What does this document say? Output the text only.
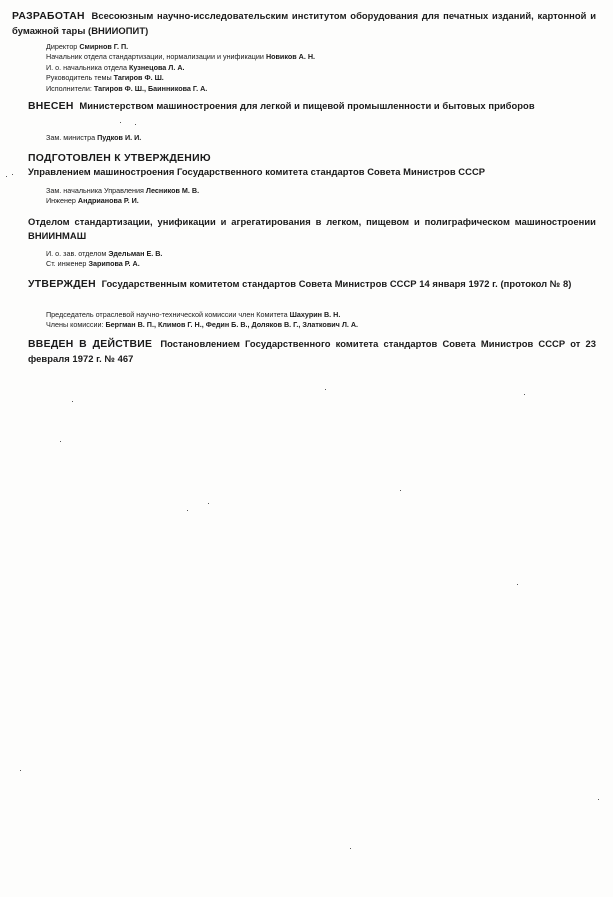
РАЗРАБОТАН Всесоюзным научно-исследовательским институтом оборудования для печатных изданий, картонной и бумажной тары (ВНИИОПИТ)
Директор Смирнов Г. П.
Начальник отдела стандартизации, нормализации и унификации Новиков А. Н.
И. о. начальника отдела Кузнецова Л. А.
Руководитель темы Тагиров Ф. Ш.
Исполнители: Тагиров Ф. Ш., Баинникова Г. А.
ВНЕСЕН Министерством машиностроения для легкой и пищевой промышленности и бытовых приборов
Зам. министра Пудков И. И.
ПОДГОТОВЛЕН К УТВЕРЖДЕНИЮ
Управлением машиностроения Государственного комитета стандартов Совета Министров СССР
Зам. начальника Управления Лесников М. В.
Инженер Андрианова Р. И.
Отделом стандартизации, унификации и агрегатирования в легком, пищевом и полиграфическом машиностроении ВНИИНМАШ
И. о. зав. отделом Эдельман Е. В.
Ст. инженер Зарипова Р. А.
УТВЕРЖДЕН Государственным комитетом стандартов Совета Министров СССР 14 января 1972 г. (протокол № 8)
Председатель отраслевой научно-технической комиссии член Комитета Шахурин В. Н.
Члены комиссии: Бергман В. П., Климов Г. Н., Федин Б. В., Доляков В. Г., Златкович Л. А.
ВВЕДЕН В ДЕЙСТВИЕ Постановлением Государственного комитета стандартов Совета Министров СССР от 23 февраля 1972 г. № 467
